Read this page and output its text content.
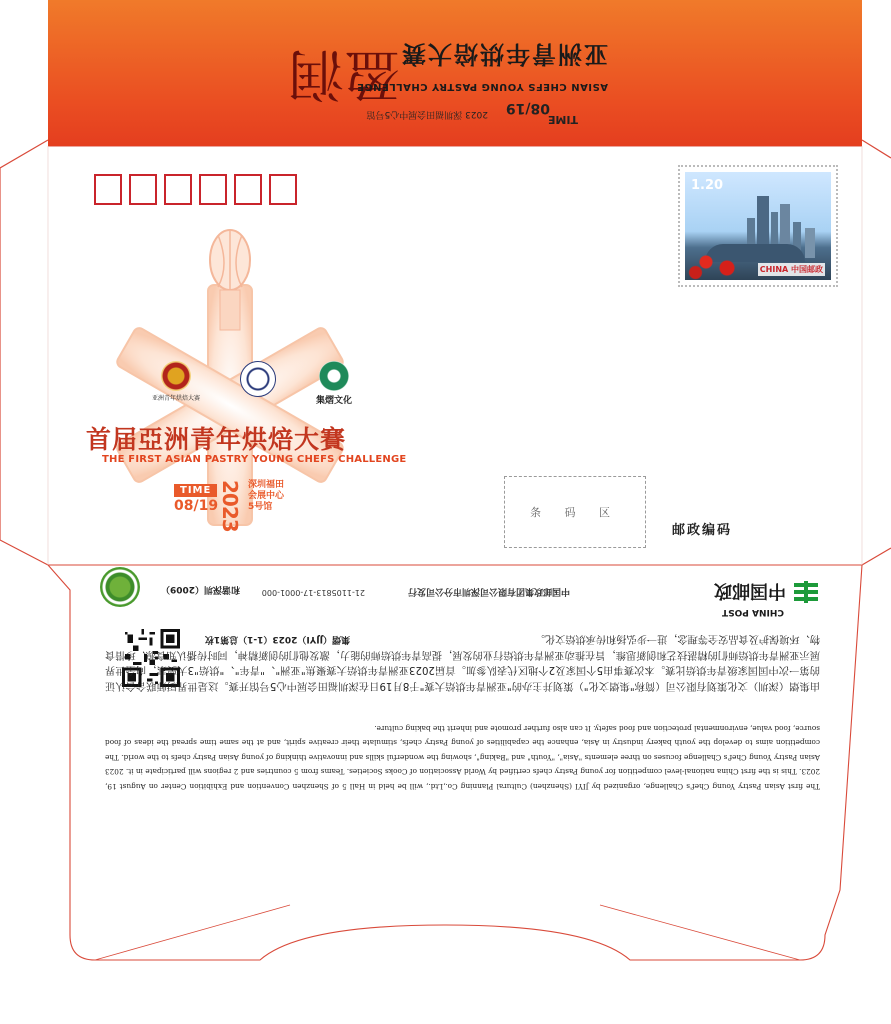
盈润 亚洲青年烘焙大赛
ASIAN CHEFS YOUNG PASTRY CHALLENGE
TIME
08/19
2023 深圳福田会展中心5号馆
1.20
CHINA 中国邮政
亚洲青年烘焙大赛	集熠文化
首届亞洲青年烘焙大賽
THE FIRST ASIAN PASTRY YOUNG CHEFS CHALLENGE
TIME
08/19 2023 深圳福田 会展中心 5号馆	条 码 区
邮政编码
中国邮政
CHINA POST
中国邮政集团有限公司深圳市分公司发行
21-1105813-17-0001-000
和谐深圳（2009）
集熠（JJYI）2023（1-1）总第1枚
The first Asian Pastry Young Chef's Challenge, organized by JIYI (Shenzhen) Cultural Planning Co.,Ltd., will be held in Hall 5 of Shenzhen Convention and Exhibition Center on August 19, 2023. This is the first China national-level competition for young Pastry chefs certified by World Association of Cooks Societies. Teams from 5 countries and 2 regions will participate in it. 2023 Asian Pastry Young Chef's Challenge focuses on three elements "Asia", "Youth" and "Baking", showing the wonderful skills and innovative thinking of young Asian Pastry chefs to the world. The competition aims to develop the youth bakery industry in Asia, enhance the capabilities of young Pastry chefs, stimulate their creative spirit, and at the same time spread the ideas of food source, food value, environmental protection and food safety. It can also further promote and inherit the baking culture.
由集熠（深圳）文化策划有限公司（简称"集熠文化"）策划并主办的"亚洲青年烘焙大赛"于8月19日在深圳福田会展中心5号馆开赛。这是世界厨师联合会认证的第一次中国国家级青年烘焙比赛。本次赛事由5个国家及2个地区代表队参加。首届2023亚洲青年烘焙大赛聚焦"亚洲"、"青年"、"烘焙"3大要素，向全世界展示亚洲青年烘焙师们的精湛技艺和创新思维，旨在推动亚洲青年烘焙行业的发展，提高青年烘焙师的能力，激发他们的创新精神，同时传播认知食源、珍惜食物、环境保护及食品安全等理念，进一步弘扬和传承烘焙文化。
